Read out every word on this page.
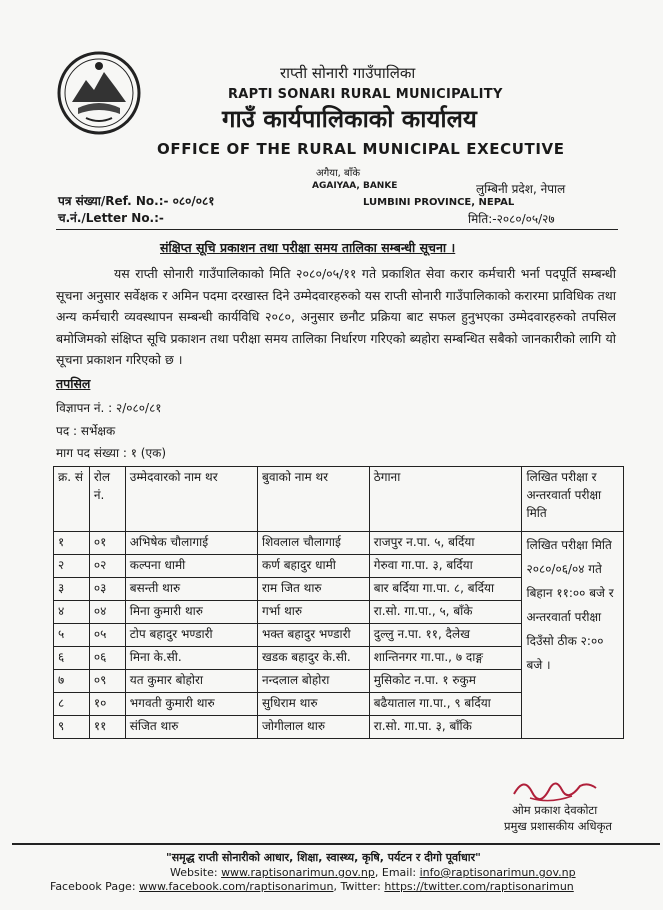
राप्ती सोनारी गाउँपालिका
RAPTI SONARI RURAL MUNICIPALITY
गाउँ कार्यपालिकाको कार्यालय
OFFICE OF THE RURAL MUNICIPAL EXECUTIVE
अगैया, बाँके
AGAIYAA, BANKE	लुम्बिनी प्रदेश, नेपाल
LUMBINI PROVINCE, NEPAL
पत्र संख्या/Ref. No.:- ०८०/०८१
च.नं./Letter No.:-	मिति:-२०८०/०५/२७
संक्षिप्त सूचि प्रकाशन तथा परीक्षा समय तालिका सम्बन्धी सूचना ।
यस राप्ती सोनारी गाउँपालिकाको मिति २०८०/०५/११ गते प्रकाशित सेवा करार कर्मचारी भर्ना पदपूर्ति सम्बन्धी सूचना अनुसार सर्वेक्षक र अमिन पदमा दरखास्त दिने उम्मेदवारहरुको यस राप्ती सोनारी गाउँपालिकाको करारमा प्राविधिक तथा अन्य कर्मचारी व्यवस्थापन सम्बन्धी कार्यविधि २०८०, अनुसार छनौट प्रक्रिया बाट सफल हुनुभएका उम्मेदवारहरुको तपसिल बमोजिमको संक्षिप्त सूचि प्रकाशन तथा परीक्षा समय तालिका निर्धारण गरिएको ब्यहोरा सम्बन्धित सबैको जानकारीको लागि यो सूचना प्रकाशन गरिएको छ ।
तपसिल
विज्ञापन नं. : २/०८०/८१
पद : सर्भेक्षक
माग पद संख्या : १ (एक)
क्र. सं	रोल नं.	उम्मेदवारको नाम थर	बुवाको नाम थर	ठेगाना	लिखित परीक्षा र अन्तरवार्ता परीक्षा मिति
१	०१	अभिषेक चौलागाई	शिवलाल चौलागाई	राजपुर न.पा. ५, बर्दिया	लिखित परीक्षा मिति २०८०/०६/०४ गते बिहान ११:०० बजे र अन्तरवार्ता परीक्षा दिउँसो ठीक २:०० बजे ।
२	०२	कल्पना धामी	कर्ण बहादुर धामी	गेरुवा गा.पा. ३, बर्दिया	
३	०३	बसन्ती थारु	राम जित थारु	बार बर्दिया गा.पा. ८, बर्दिया	
४	०४	मिना कुमारी थारु	गर्भा थारु	रा.सो. गा.पा., ५, बाँके	
५	०५	टोप बहादुर भण्डारी	भक्त बहादुर भण्डारी	दुल्लु न.पा. ११, दैलेख	
६	०६	मिना के.सी.	खडक बहादुर के.सी.	शान्तिनगर गा.पा., ७ दाङ्ग	
७	०९	यत कुमार बोहोरा	नन्दलाल बोहोरा	मुसिकोट न.पा. १ रुकुम	
८	१०	भगवती कुमारी थारु	सुधिराम थारु	बढैयाताल गा.पा., ९ बर्दिया	
९	११	संजित थारु	जोगीलाल थारु	रा.सो. गा.पा. ३, बाँकि	
ओम प्रकाश देवकोटा
प्रमुख प्रशासकीय अधिकृत
"समृद्ध राप्ती सोनारीको आधार, शिक्षा, स्वास्थ्य, कृषि, पर्यटन र दीगो पूर्वाधार"
Website: www.raptisonarimun.gov.np, Email: info@raptisonarimun.gov.np
Facebook Page: www.facebook.com/raptisonarimun, Twitter: https://twitter.com/raptisonarimun
